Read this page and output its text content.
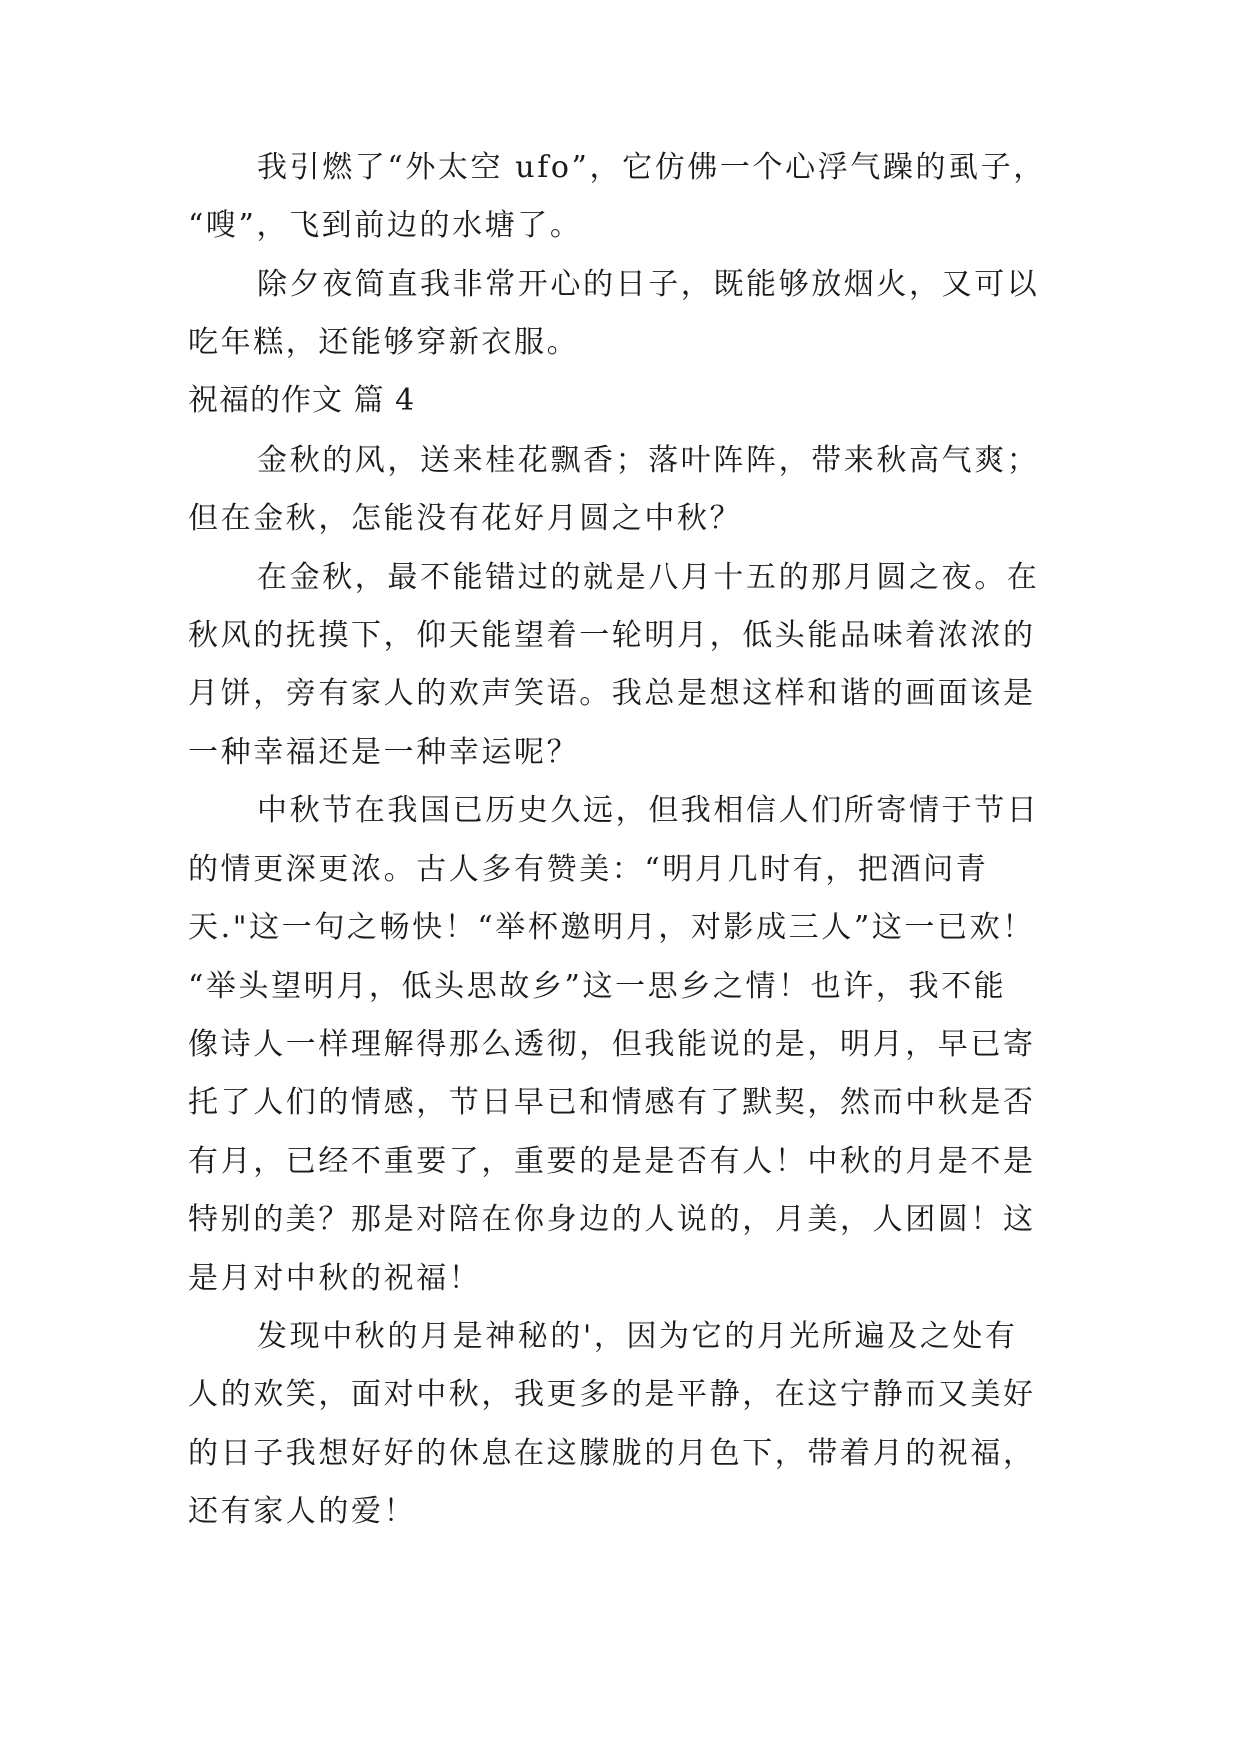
我引燃了“外太空 ufo”，它仿佛一个心浮气躁的虱子，
“嗖”，飞到前边的水塘了。
除夕夜简直我非常开心的日子，既能够放烟火，又可以
吃年糕，还能够穿新衣服。
祝福的作文 篇 4
金秋的风，送来桂花飘香；落叶阵阵，带来秋高气爽；
但在金秋，怎能没有花好月圆之中秋？
在金秋，最不能错过的就是八月十五的那月圆之夜。在
秋风的抚摸下，仰天能望着一轮明月，低头能品味着浓浓的
月饼，旁有家人的欢声笑语。我总是想这样和谐的画面该是
一种幸福还是一种幸运呢？
中秋节在我国已历史久远，但我相信人们所寄情于节日
的情更深更浓。古人多有赞美：“明月几时有，把酒问青
天."这一句之畅快！“举杯邀明月，对影成三人”这一已欢！
“举头望明月，低头思故乡”这一思乡之情！也许，我不能
像诗人一样理解得那么透彻，但我能说的是，明月，早已寄
托了人们的情感，节日早已和情感有了默契，然而中秋是否
有月，已经不重要了，重要的是是否有人！中秋的月是不是
特别的美？那是对陪在你身边的人说的，月美，人团圆！这
是月对中秋的祝福！
发现中秋的月是神秘的'，因为它的月光所遍及之处有
人的欢笑，面对中秋，我更多的是平静，在这宁静而又美好
的日子我想好好的休息在这朦胧的月色下，带着月的祝福，
还有家人的爱！
